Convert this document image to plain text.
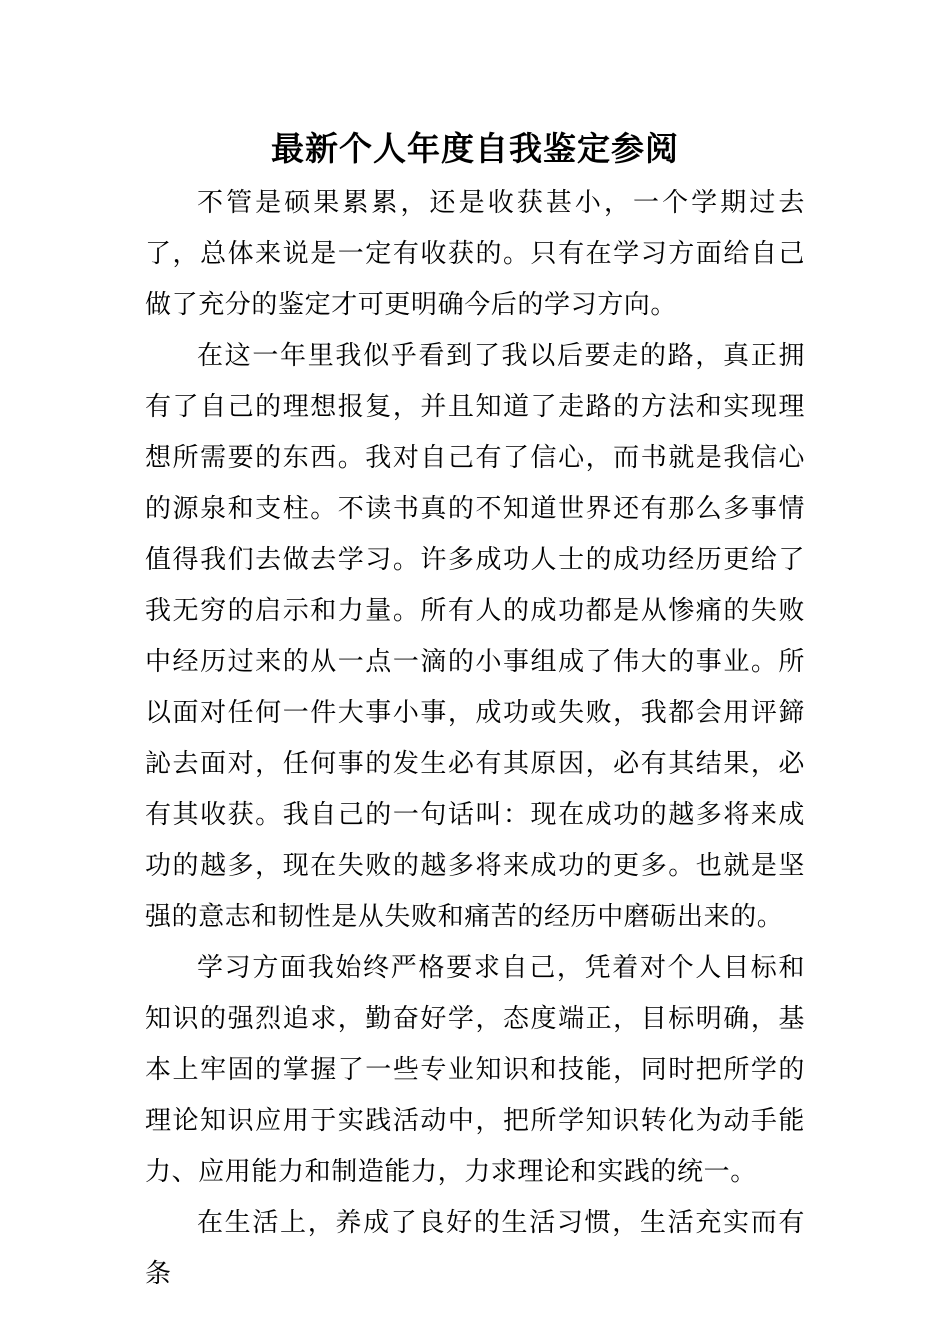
最新个人年度自我鉴定参阅

不管是硕果累累，还是收获甚小，一个学期过去了，总体来说是一定有收获的。只有在学习方面给自己做了充分的鉴定才可更明确今后的学习方向。

在这一年里我似乎看到了我以后要走的路，真正拥有了自己的理想报复，并且知道了走路的方法和实现理想所需要的东西。我对自己有了信心，而书就是我信心的源泉和支柱。不读书真的不知道世界还有那么多事情值得我们去做去学习。许多成功人士的成功经历更给了我无穷的启示和力量。所有人的成功都是从惨痛的失败中经历过来的从一点一滴的小事组成了伟大的事业。所以面对任何一件大事小事，成功或失败，我都会用评鍗訫去面对，任何事的发生必有其原因，必有其结果，必有其收获。我自己的一句话叫：现在成功的越多将来成功的越多，现在失败的越多将来成功的更多。也就是坚强的意志和韧性是从失败和痛苦的经历中磨砺出来的。

学习方面我始终严格要求自己，凭着对个人目标和知识的强烈追求，勤奋好学，态度端正，目标明确，基本上牢固的掌握了一些专业知识和技能，同时把所学的理论知识应用于实践活动中，把所学知识转化为动手能力、应用能力和制造能力，力求理论和实践的统一。

在生活上，养成了良好的生活习惯，生活充实而有条
